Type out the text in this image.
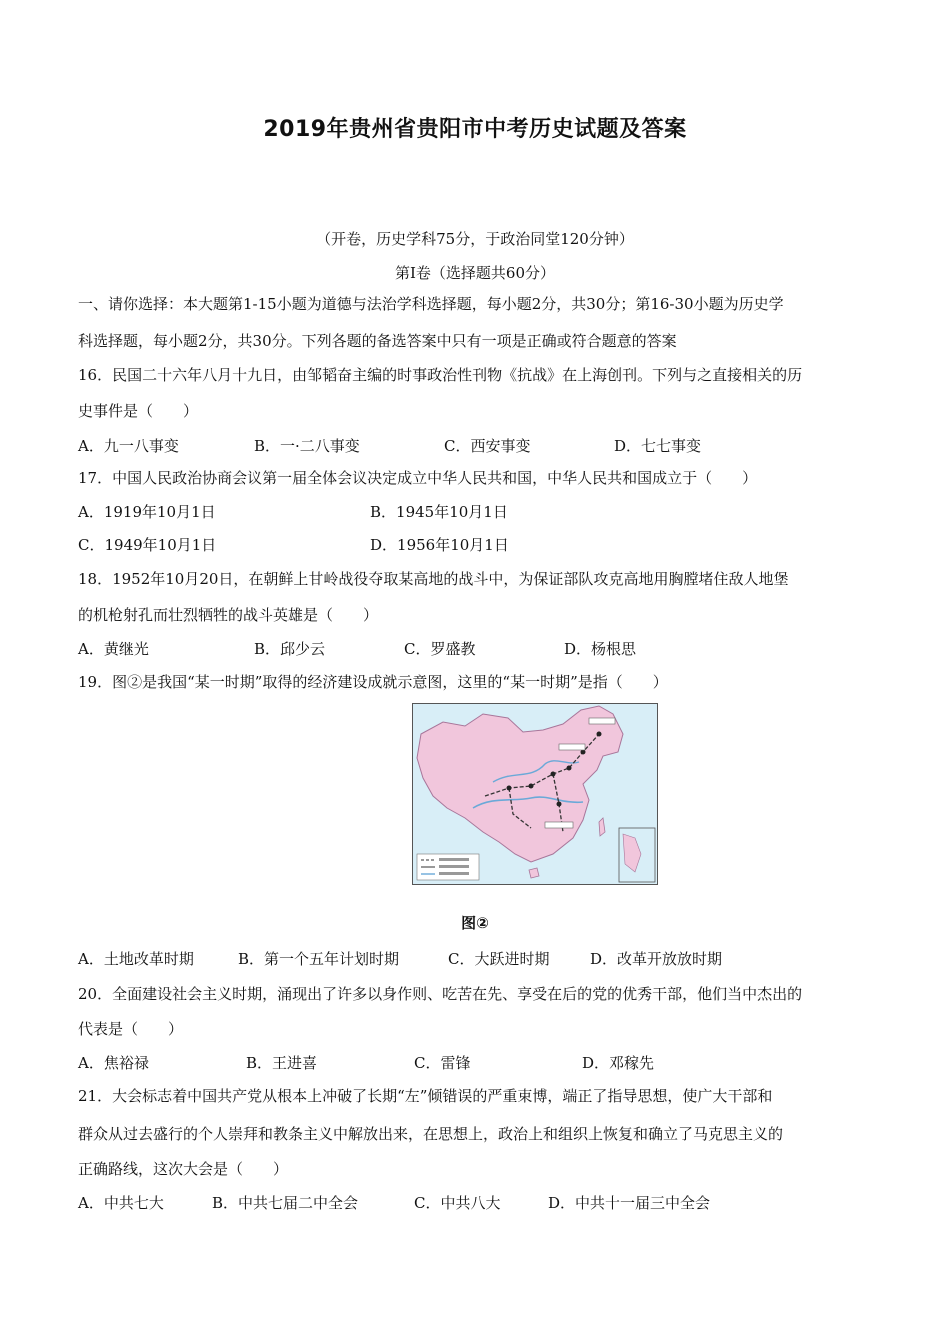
2019年贵州省贵阳市中考历史试题及答案
（开卷，历史学科75分，于政治同堂120分钟）
第Ⅰ卷（选择题共60分）
一、请你选择：本大题第1-15小题为道德与法治学科选择题，每小题2分，共30分；第16-30小题为历史学
科选择题，每小题2分，共30分。下列各题的备选答案中只有一项是正确或符合题意的答案
16．民国二十六年八月十九日，由邹韬奋主编的时事政治性刊物《抗战》在上海创刊。下列与之直接相关的历
史事件是（　　）
A．九一八事变	B．一·二八事变	C．西安事变	D．七七事变
17．中国人民政治协商会议第一届全体会议决定成立中华人民共和国，中华人民共和国成立于（　　）
A．1919年10月1日	B．1945年10月1日
C．1949年10月1日	D．1956年10月1日
18．1952年10月20日，在朝鲜上甘岭战役夺取某高地的战斗中，为保证部队攻克高地用胸膛堵住敌人地堡
的机枪射孔而壮烈牺牲的战斗英雄是（　　）
A．黄继光	B．邱少云	C．罗盛教	D．杨根思
19．图②是我国“某一时期”取得的经济建设成就示意图，这里的“某一时期”是指（　　）
图②
A．土地改革时期	B．第一个五年计划时期	C．大跃进时期	D．改革开放放时期
20．全面建设社会主义时期，涌现出了许多以身作则、吃苦在先、享受在后的党的优秀干部，他们当中杰出的
代表是（　　）
A．焦裕禄	B．王进喜	C．雷锋	D．邓稼先
21．大会标志着中国共产党从根本上冲破了长期“左”倾错误的严重束博，端正了指导思想，使广大干部和
群众从过去盛行的个人崇拜和教条主义中解放出来，在思想上，政治上和组织上恢复和确立了马克思主义的
正确路线，这次大会是（　　）
A．中共七大	B．中共七届二中全会	C．中共八大	D．中共十一届三中全会
